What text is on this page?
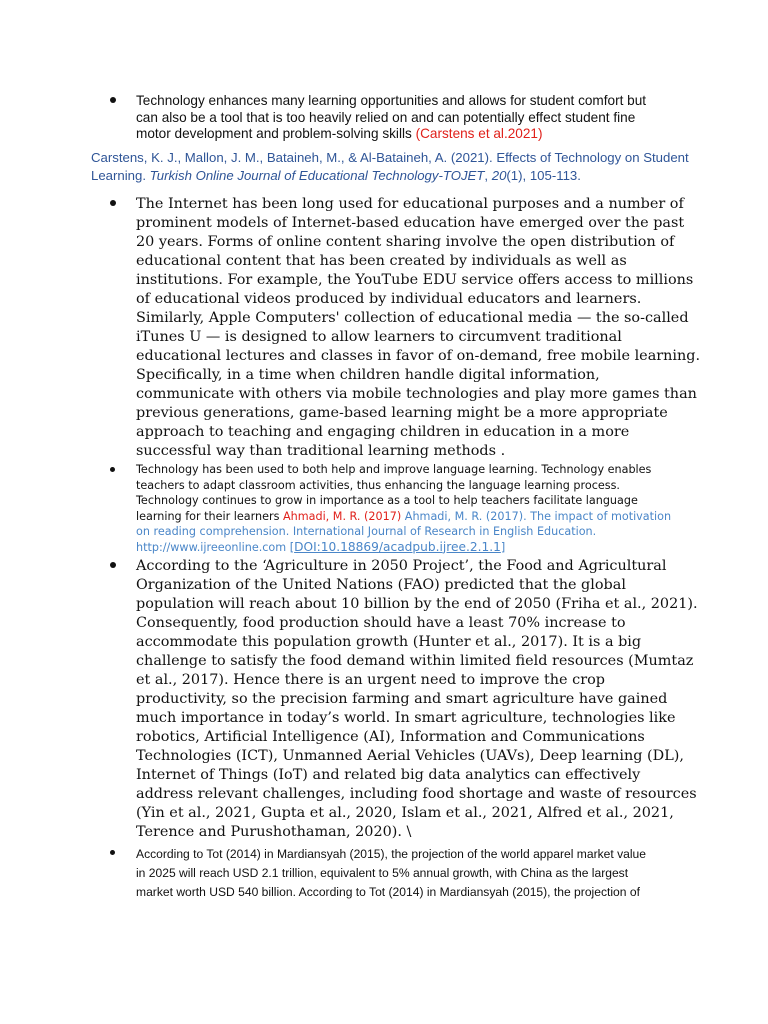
Technology enhances many learning opportunities and allows for student comfort but
can also be a tool that is too heavily relied on and can potentially effect student fine
motor development and problem-solving skills (Carstens et al.2021)
Carstens, K. J., Mallon, J. M., Bataineh, M., & Al-Bataineh, A. (2021). Effects of Technology on Student
Learning. Turkish Online Journal of Educational Technology-TOJET, 20(1), 105-113.
The Internet has been long used for educational purposes and a number of
prominent models of Internet-based education have emerged over the past
20 years. Forms of online content sharing involve the open distribution of
educational content that has been created by individuals as well as
institutions. For example, the YouTube EDU service offers access to millions
of educational videos produced by individual educators and learners.
Similarly, Apple Computers' collection of educational media — the so-called
iTunes U — is designed to allow learners to circumvent traditional
educational lectures and classes in favor of on-demand, free mobile learning.
Specifically, in a time when children handle digital information,
communicate with others via mobile technologies and play more games than
previous generations, game-based learning might be a more appropriate
approach to teaching and engaging children in education in a more
successful way than traditional learning methods .
Technology has been used to both help and improve language learning. Technology enables
teachers to adapt classroom activities, thus enhancing the language learning process.
Technology continues to grow in importance as a tool to help teachers facilitate language
learning for their learners Ahmadi, M. R. (2017) Ahmadi, M. R. (2017). The impact of motivation
on reading comprehension. International Journal of Research in English Education.
http://www.ijreeonline.com [DOI:10.18869/acadpub.ijree.2.1.1]
According to the ‘Agriculture in 2050 Project’, the Food and Agricultural
Organization of the United Nations (FAO) predicted that the global
population will reach about 10 billion by the end of 2050 (Friha et al., 2021).
Consequently, food production should have a least 70% increase to
accommodate this population growth (Hunter et al., 2017). It is a big
challenge to satisfy the food demand within limited field resources (Mumtaz
et al., 2017). Hence there is an urgent need to improve the crop
productivity, so the precision farming and smart agriculture have gained
much importance in today’s world. In smart agriculture, technologies like
robotics, Artificial Intelligence (AI), Information and Communications
Technologies (ICT), Unmanned Aerial Vehicles (UAVs), Deep learning (DL),
Internet of Things (IoT) and related big data analytics can effectively
address relevant challenges, including food shortage and waste of resources
(Yin et al., 2021, Gupta et al., 2020, Islam et al., 2021, Alfred et al., 2021,
Terence and Purushothaman, 2020). \
According to Tot (2014) in Mardiansyah (2015), the projection of the world apparel market value
in 2025 will reach USD 2.1 trillion, equivalent to 5% annual growth, with China as the largest
market worth USD 540 billion. According to Tot (2014) in Mardiansyah (2015), the projection of
